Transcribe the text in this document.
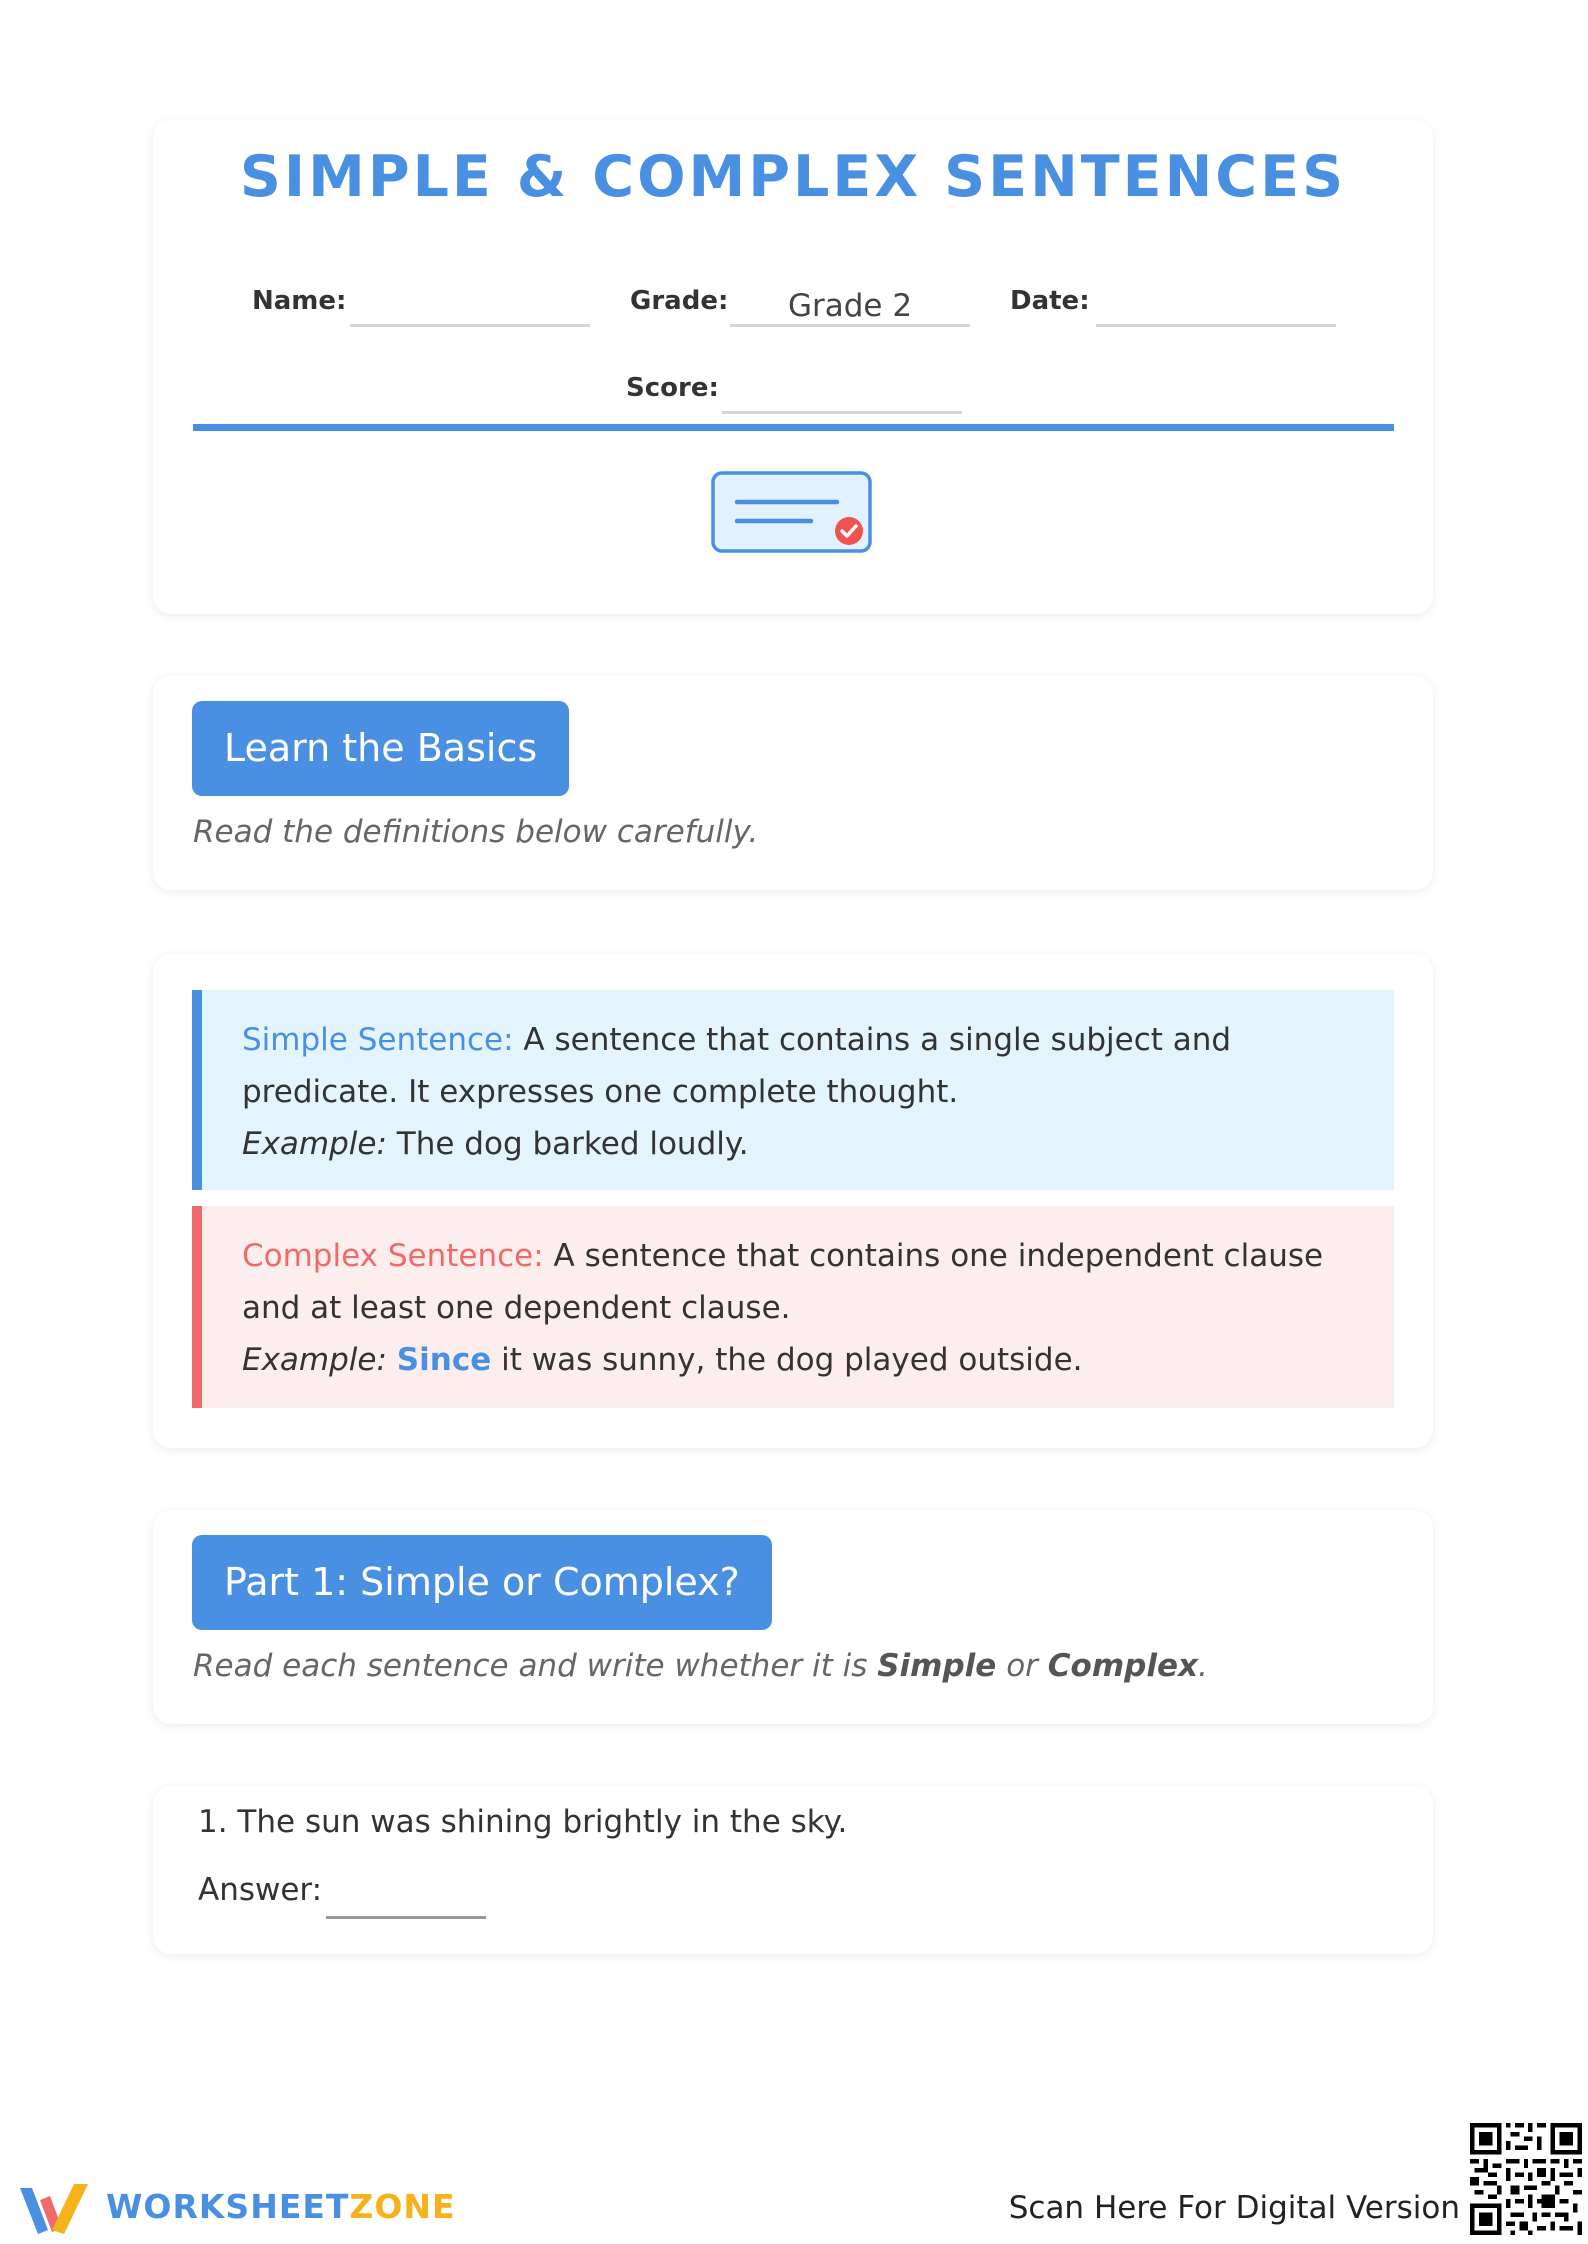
SIMPLE & COMPLEX SENTENCES
Name:	Grade:	Grade 2	Date:
Score:
Learn the Basics
Read the definitions below carefully.
Simple Sentence: A sentence that contains a single subject and predicate. It expresses one complete thought.
Example: The dog barked loudly.
Complex Sentence: A sentence that contains one independent clause and at least one dependent clause.
Example: Since it was sunny, the dog played outside.
Part 1: Simple or Complex?
Read each sentence and write whether it is Simple or Complex.
1. The sun was shining brightly in the sky.
Answer:
WORKSHEETZONE	Scan Here For Digital Version
